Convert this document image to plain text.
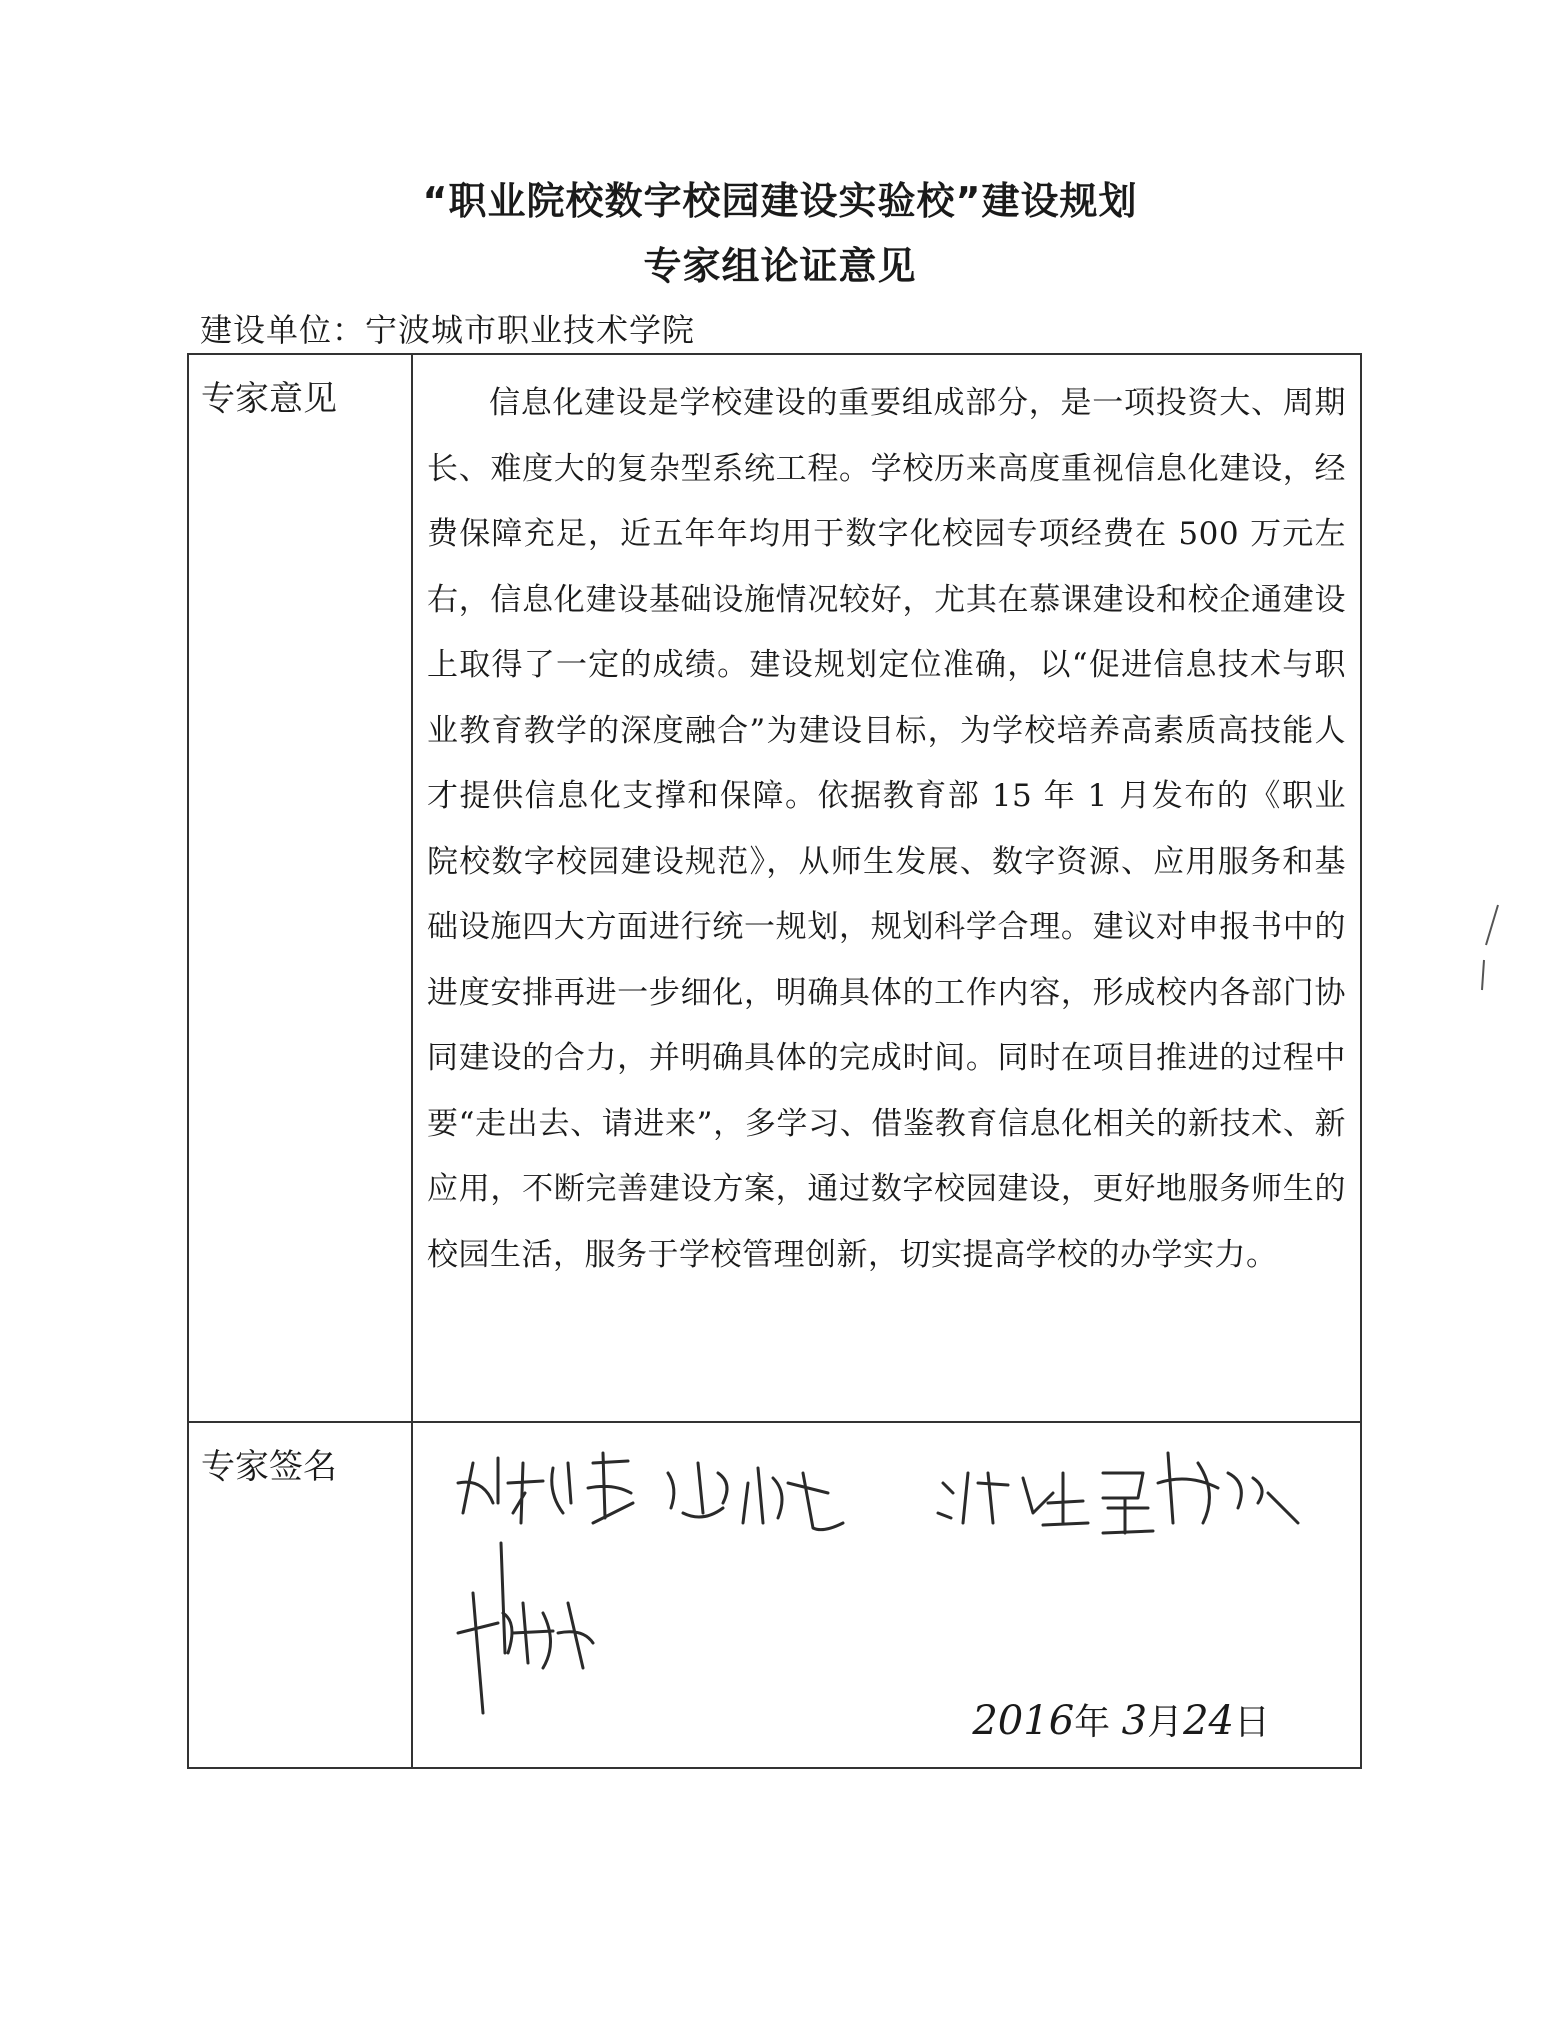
“职业院校数字校园建设实验校”建设规划
专家组论证意见
建设单位：宁波城市职业技术学院
专家意见	信息化建设是学校建设的重要组成部分，是一项投资大、周期长、难度大的复杂型系统工程。学校历来高度重视信息化建设，经费保障充足，近五年年均用于数字化校园专项经费在 500 万元左右，信息化建设基础设施情况较好，尤其在慕课建设和校企通建设上取得了一定的成绩。建设规划定位准确，以“促进信息技术与职业教育教学的深度融合”为建设目标，为学校培养高素质高技能人才提供信息化支撑和保障。依据教育部 15 年 1 月发布的《职业院校数字校园建设规范》，从师生发展、数字资源、应用服务和基础设施四大方面进行统一规划，规划科学合理。建议对申报书中的进度安排再进一步细化，明确具体的工作内容，形成校内各部门协同建设的合力，并明确具体的完成时间。同时在项目推进的过程中要“走出去、请进来”，多学习、借鉴教育信息化相关的新技术、新应用，不断完善建设方案，通过数字校园建设，更好地服务师生的校园生活，服务于学校管理创新，切实提高学校的办学实力。

专家签名	2016年 3月24日
